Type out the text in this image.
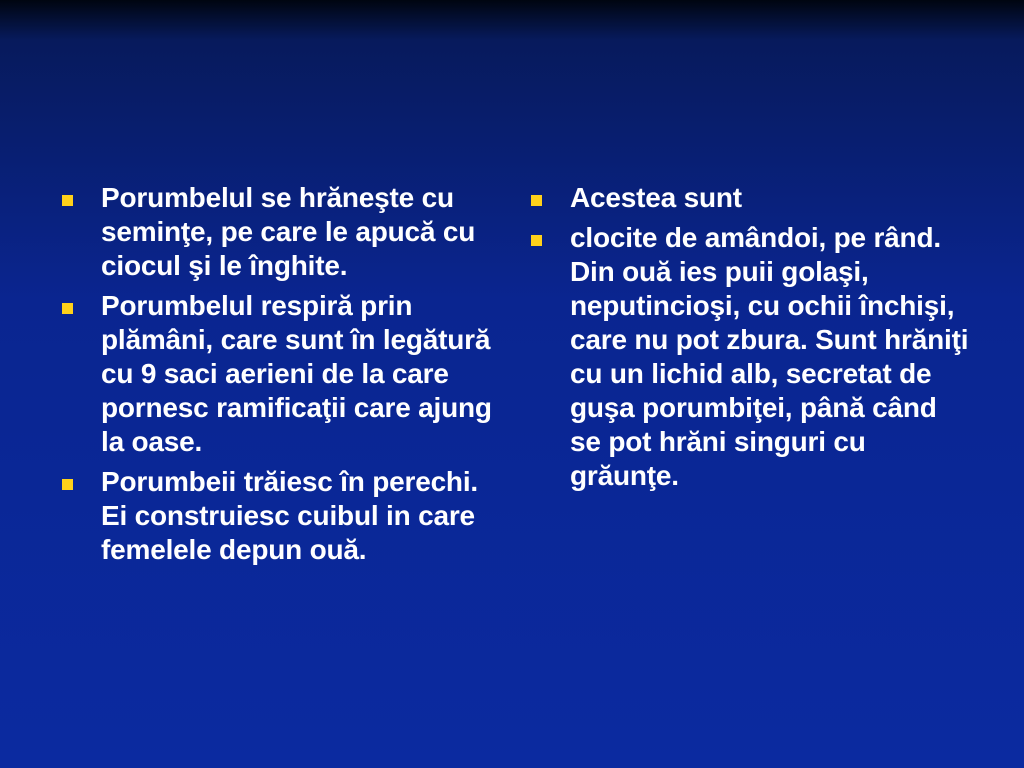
Porumbelul se hrăneşte cu seminţe, pe care le apucă cu ciocul şi le înghite.
Porumbelul respiră prin plămâni, care sunt în legătură cu 9 saci aerieni de la care pornesc ramificaţii care ajung la oase.
Porumbeii trăiesc în perechi. Ei construiesc cuibul in care femelele depun ouă.
Acestea sunt
clocite de amândoi, pe rând. Din ouă ies puii golaşi, neputincioşi, cu ochii închişi, care nu pot zbura. Sunt hrăniţi cu un lichid alb, secretat de guşa porumbiţei, până când se pot hrăni singuri cu grăunţe.
